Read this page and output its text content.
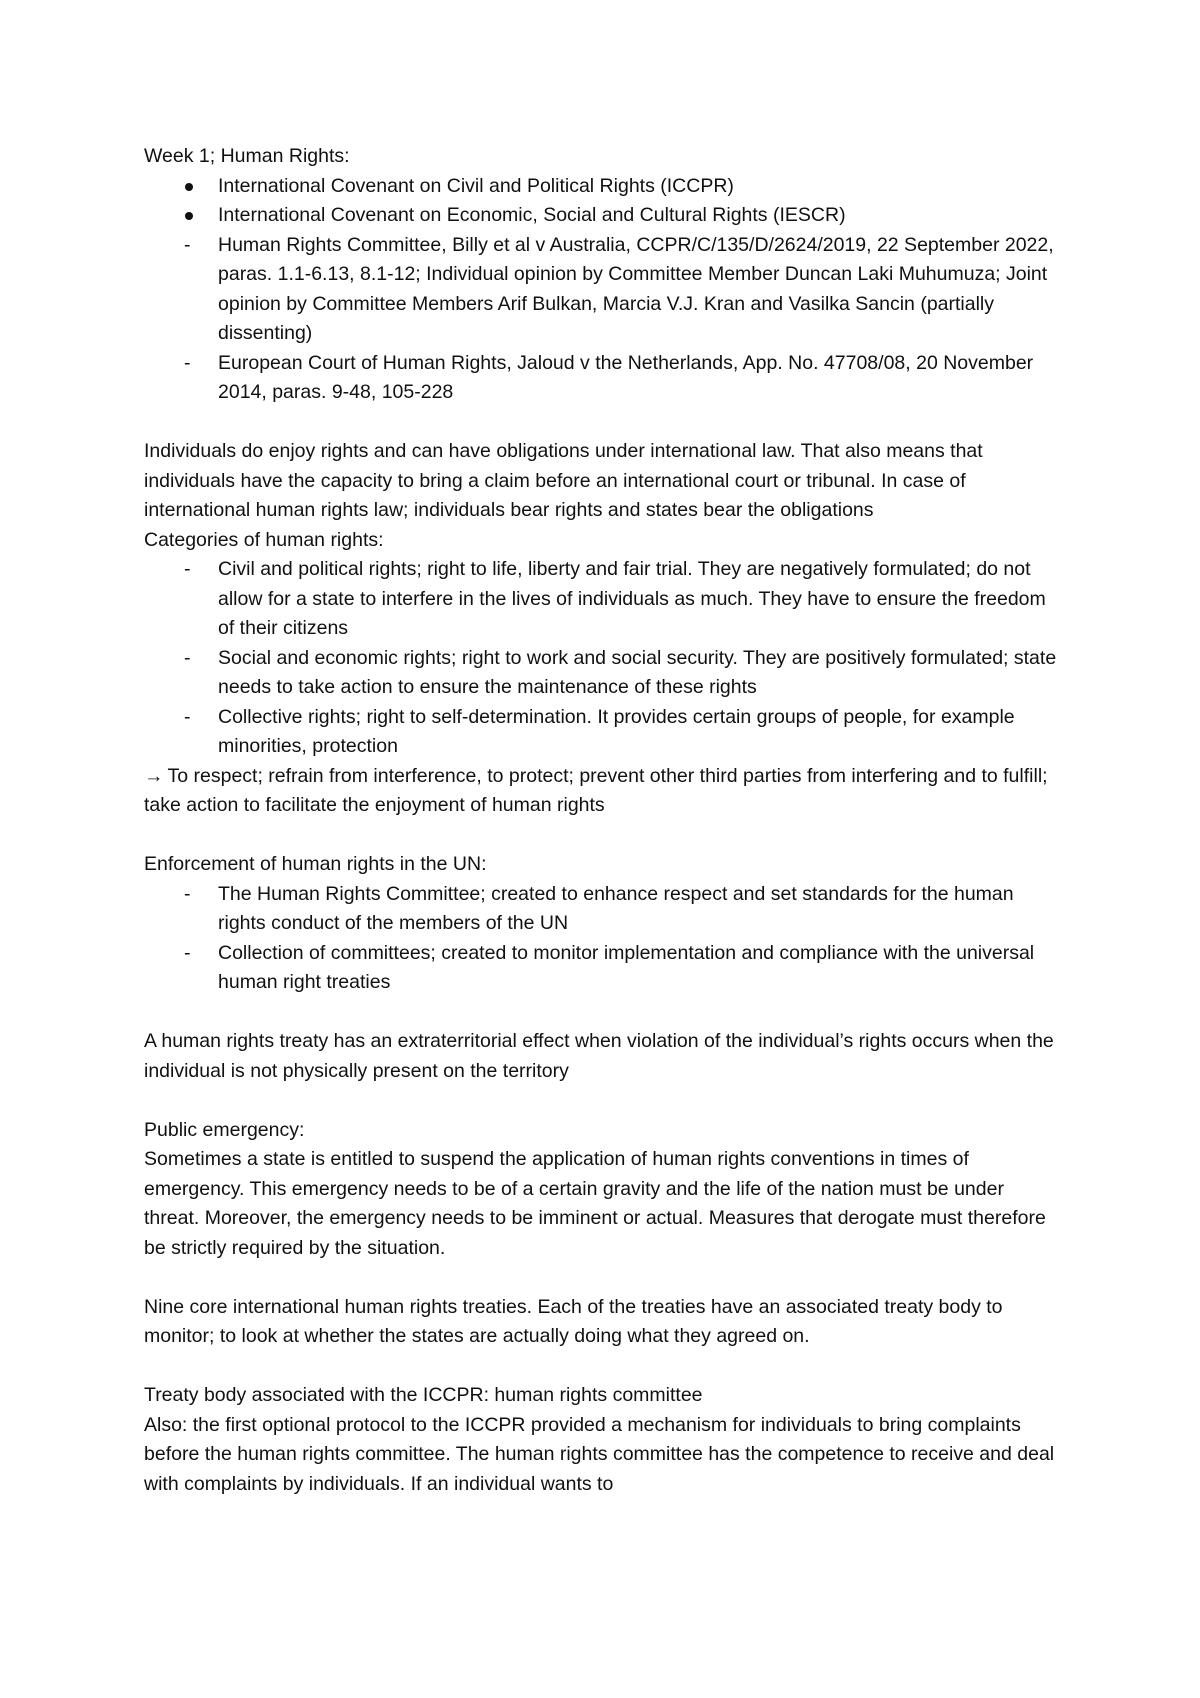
Week 1; Human Rights:

International Covenant on Civil and Political Rights (ICCPR)
International Covenant on Economic, Social and Cultural Rights (IESCR)
- Human Rights Committee, Billy et al v Australia, CCPR/C/135/D/2624/2019, 22 September 2022, paras. 1.1-6.13, 8.1-12; Individual opinion by Committee Member Duncan Laki Muhumuza; Joint opinion by Committee Members Arif Bulkan, Marcia V.J. Kran and Vasilka Sancin (partially dissenting)
- European Court of Human Rights, Jaloud v the Netherlands, App. No. 47708/08, 20 November 2014, paras. 9-48, 105-228

Individuals do enjoy rights and can have obligations under international law. That also means that individuals have the capacity to bring a claim before an international court or tribunal. In case of international human rights law; individuals bear rights and states bear the obligations

Categories of human rights:

- Civil and political rights; right to life, liberty and fair trial. They are negatively formulated; do not allow for a state to interfere in the lives of individuals as much. They have to ensure the freedom of their citizens
- Social and economic rights; right to work and social security. They are positively formulated; state needs to take action to ensure the maintenance of these rights
- Collective rights; right to self-determination. It provides certain groups of people, for example minorities, protection

→ To respect; refrain from interference, to protect; prevent other third parties from interfering and to fulfill; take action to facilitate the enjoyment of human rights

Enforcement of human rights in the UN:

- The Human Rights Committee; created to enhance respect and set standards for the human rights conduct of the members of the UN
- Collection of committees; created to monitor implementation and compliance with the universal human right treaties

A human rights treaty has an extraterritorial effect when violation of the individual’s rights occurs when the individual is not physically present on the territory

Public emergency:

Sometimes a state is entitled to suspend the application of human rights conventions in times of emergency. This emergency needs to be of a certain gravity and the life of the nation must be under threat. Moreover, the emergency needs to be imminent or actual. Measures that derogate must therefore be strictly required by the situation.

Nine core international human rights treaties. Each of the treaties have an associated treaty body to monitor; to look at whether the states are actually doing what they agreed on.

Treaty body associated with the ICCPR: human rights committee

Also: the first optional protocol to the ICCPR provided a mechanism for individuals to bring complaints before the human rights committee. The human rights committee has the competence to receive and deal with complaints by individuals. If an individual wants to
